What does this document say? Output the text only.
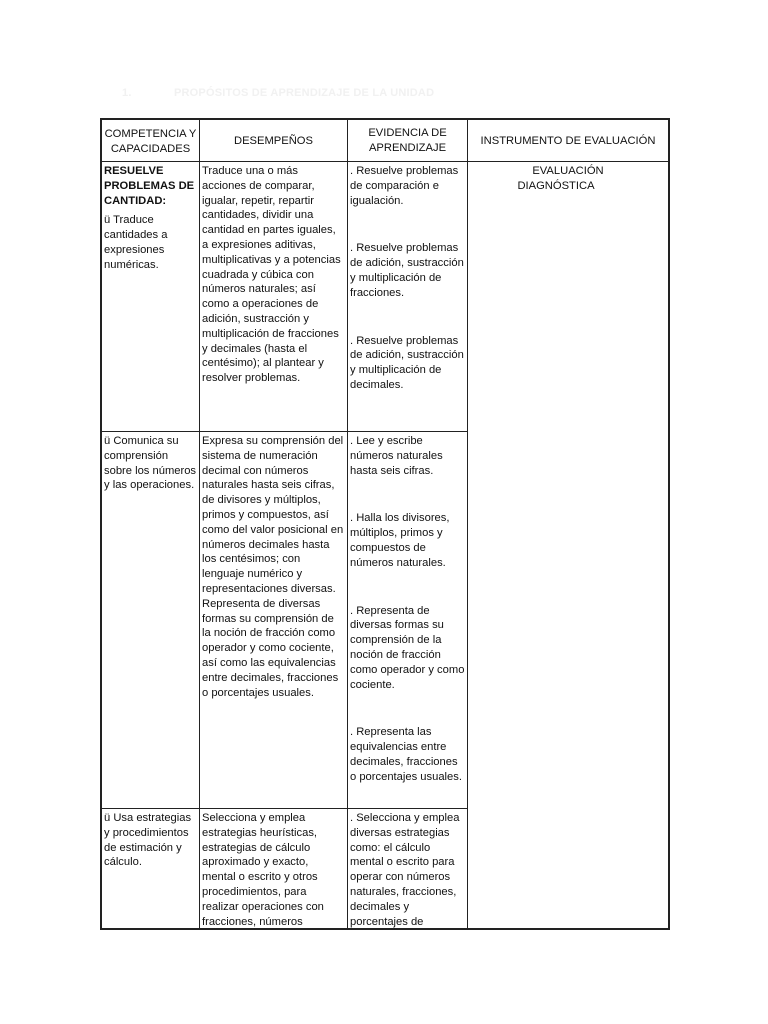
1.	PROPÓSITOS DE APRENDIZAJE DE LA UNIDAD
COMPETENCIA Y CAPACIDADES
DESEMPEÑOS
EVIDENCIA DE APRENDIZAJE
INSTRUMENTO DE EVALUACIÓN
RESUELVE PROBLEMAS DE CANTIDAD:
ü Traduce cantidades a expresiones numéricas.
Traduce una o más acciones de comparar, igualar, repetir, repartir cantidades, dividir una cantidad en partes iguales, a expresiones aditivas, multiplicativas y a potencias cuadrada y cúbica con números naturales; así como a operaciones de adición, sustracción y multiplicación de fracciones y decimales (hasta el centésimo); al plantear y resolver problemas.
. Resuelve problemas de comparación e igualación.
. Resuelve problemas de adición, sustracción y multiplicación de fracciones.
. Resuelve problemas de adición, sustracción y multiplicación de decimales.
EVALUACIÓN
DIAGNÓSTICA
ü Comunica su comprensión sobre los números y las operaciones.
Expresa su comprensión del sistema de numeración decimal con números naturales hasta seis cifras, de divisores y múltiplos, primos y compuestos, así como del valor posicional en números decimales hasta los centésimos; con lenguaje numérico y representaciones diversas. Representa de diversas formas su comprensión de la noción de fracción como operador y como cociente, así como las equivalencias entre decimales, fracciones o porcentajes usuales.
. Lee y escribe números naturales hasta seis cifras.
. Halla los divisores, múltiplos, primos y compuestos de números naturales.
. Representa de diversas formas su comprensión de la noción de fracción como operador y como cociente.
. Representa las equivalencias entre decimales, fracciones o porcentajes usuales.
ü Usa estrategias y procedimientos de estimación y cálculo.
Selecciona y emplea estrategias heurísticas, estrategias de cálculo aproximado y exacto, mental o escrito y otros procedimientos, para realizar operaciones con fracciones, números
. Selecciona y emplea diversas estrategias como: el cálculo mental o escrito para operar con números naturales, fracciones, decimales y porcentajes de
